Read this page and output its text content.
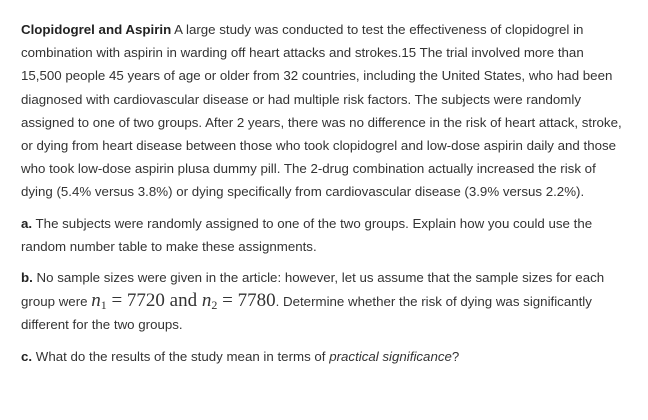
Clopidogrel and Aspirin A large study was conducted to test the effectiveness of clopidogrel in combination with aspirin in warding off heart attacks and strokes.15 The trial involved more than 15,500 people 45 years of age or older from 32 countries, including the United States, who had been diagnosed with cardiovascular disease or had multiple risk factors. The subjects were randomly assigned to one of two groups. After 2 years, there was no difference in the risk of heart attack, stroke, or dying from heart disease between those who took clopidogrel and low-dose aspirin daily and those who took low-dose aspirin plusa dummy pill. The 2-drug combination actually increased the risk of dying (5.4% versus 3.8%) or dying specifically from cardiovascular disease (3.9% versus 2.2%).

a. The subjects were randomly assigned to one of the two groups. Explain how you could use the random number table to make these assignments.

b. No sample sizes were given in the article: however, let us assume that the sample sizes for each group were $n_1 = 7720$ and $n_2 = 7780$. Determine whether the risk of dying was significantly different for the two groups.

c. What do the results of the study mean in terms of practical significance?
